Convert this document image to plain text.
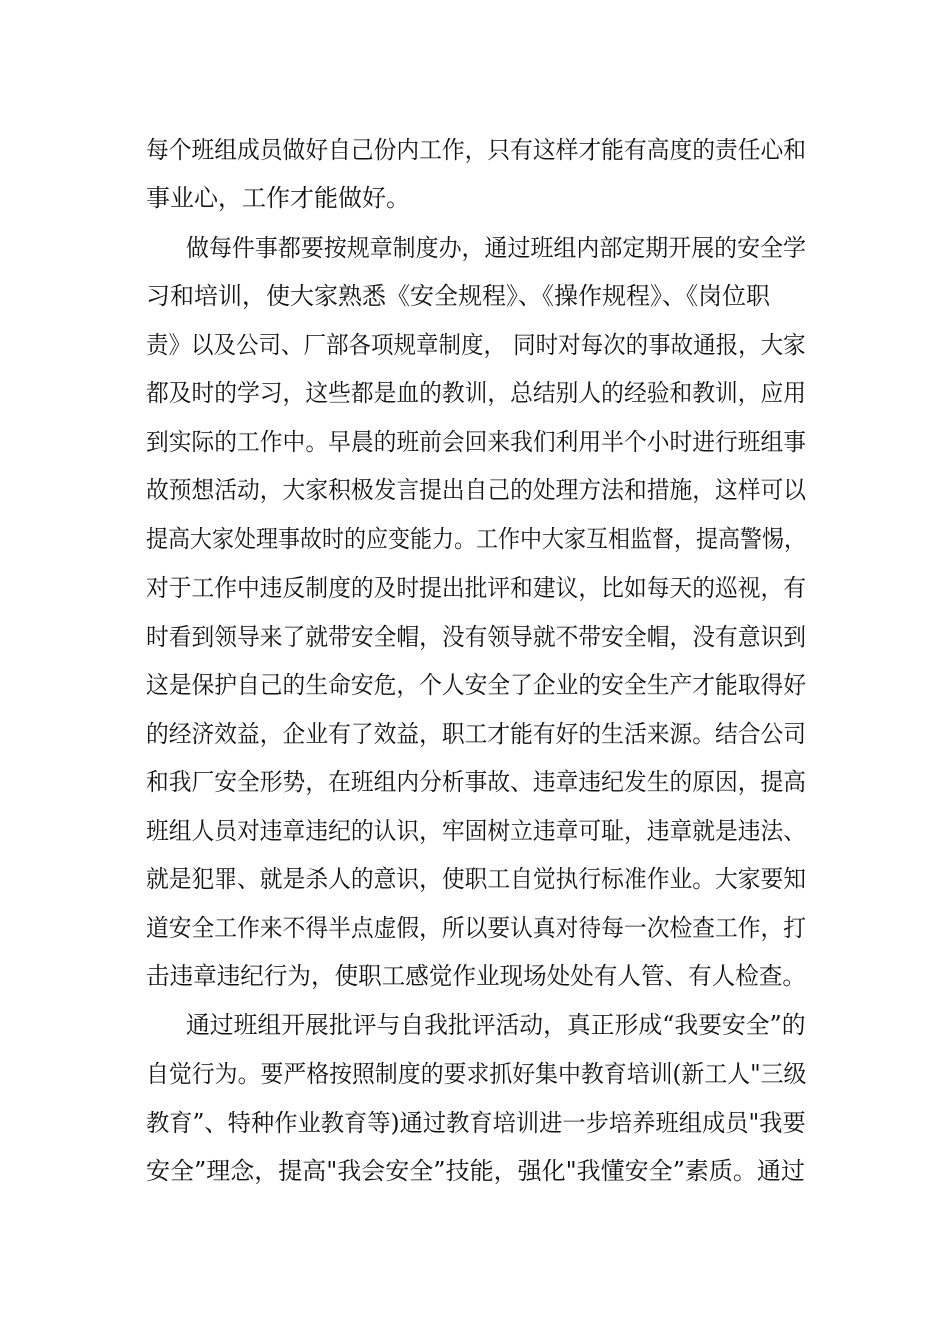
每个班组成员做好自己份内工作，只有这样才能有高度的责任心和
事业心，工作才能做好。
做每件事都要按规章制度办，通过班组内部定期开展的安全学
习和培训，使大家熟悉《安全规程》、《操作规程》、《岗位职
责》以及公司、厂部各项规章制度， 同时对每次的事故通报，大家
都及时的学习，这些都是血的教训，总结别人的经验和教训，应用
到实际的工作中。早晨的班前会回来我们利用半个小时进行班组事
故预想活动，大家积极发言提出自己的处理方法和措施，这样可以
提高大家处理事故时的应变能力。工作中大家互相监督，提高警惕，
对于工作中违反制度的及时提出批评和建议，比如每天的巡视，有
时看到领导来了就带安全帽，没有领导就不带安全帽，没有意识到
这是保护自己的生命安危，个人安全了企业的安全生产才能取得好
的经济效益，企业有了效益，职工才能有好的生活来源。结合公司
和我厂安全形势，在班组内分析事故、违章违纪发生的原因，提高
班组人员对违章违纪的认识，牢固树立违章可耻，违章就是违法、
就是犯罪、就是杀人的意识，使职工自觉执行标准作业。大家要知
道安全工作来不得半点虚假，所以要认真对待每一次检查工作，打
击违章违纪行为，使职工感觉作业现场处处有人管、有人检查。
通过班组开展批评与自我批评活动，真正形成“我要安全”的
自觉行为。要严格按照制度的要求抓好集中教育培训(新工人"三级
教育”、特种作业教育等)通过教育培训进一步培养班组成员"我要
安全”理念，提高"我会安全”技能，强化"我懂安全”素质。通过
